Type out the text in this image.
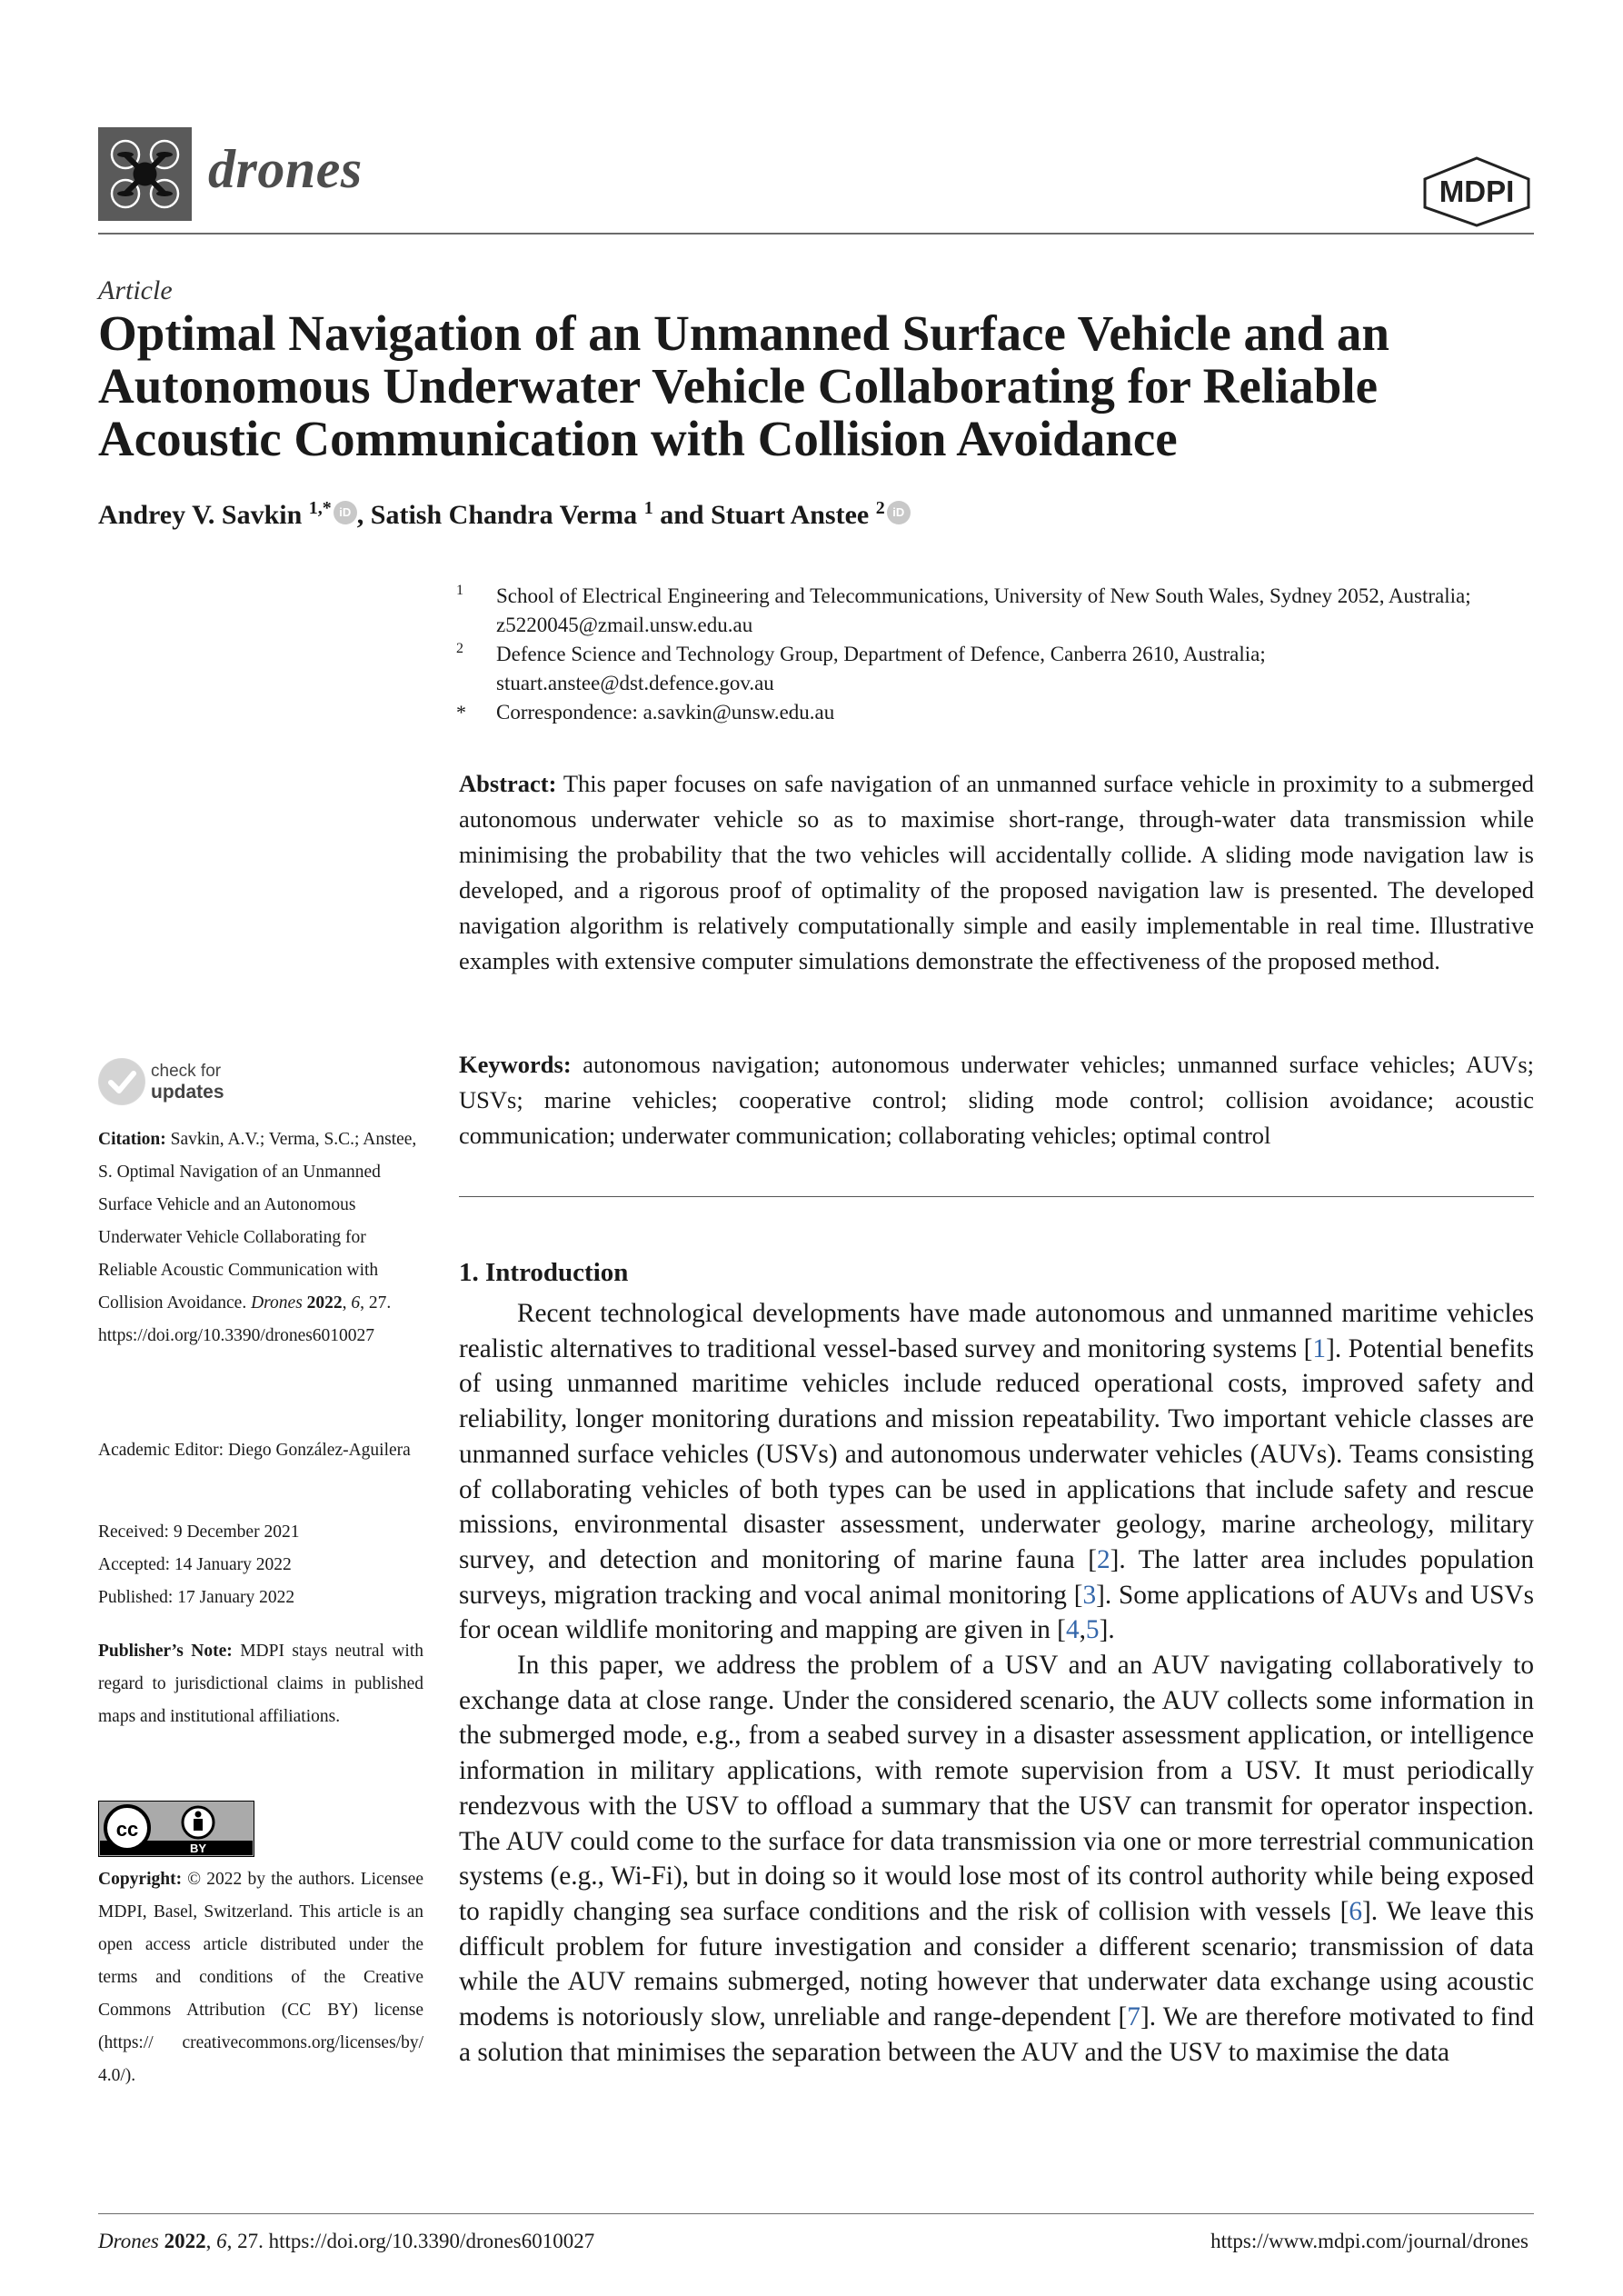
drones	MDPI
Article
Optimal Navigation of an Unmanned Surface Vehicle and an Autonomous Underwater Vehicle Collaborating for Reliable Acoustic Communication with Collision Avoidance
Andrey V. Savkin $^{1,*}$ iD , Satish Chandra Verma $^1$ and Stuart Anstee $^2$ iD
1 School of Electrical Engineering and Telecommunications, University of New South Wales, Sydney 2052, Australia; z5220045@zmail.unsw.edu.au
2 Defence Science and Technology Group, Department of Defence, Canberra 2610, Australia; stuart.anstee@dst.defence.gov.au
* Correspondence: a.savkin@unsw.edu.au

Abstract: This paper focuses on safe navigation of an unmanned surface vehicle in proximity to a submerged autonomous underwater vehicle so as to maximise short-range, through-water data transmission while minimising the probability that the two vehicles will accidentally collide. A sliding mode navigation law is developed, and a rigorous proof of optimality of the proposed navigation law is presented. The developed navigation algorithm is relatively computationally simple and easily implementable in real time. Illustrative examples with extensive computer simulations demonstrate the effectiveness of the proposed method.

Keywords: autonomous navigation; autonomous underwater vehicles; unmanned surface vehicles; AUVs; USVs; marine vehicles; cooperative control; sliding mode control; collision avoidance; acoustic communication; underwater communication; collaborating vehicles; optimal control

1. Introduction

Recent technological developments have made autonomous and unmanned maritime vehicles realistic alternatives to traditional vessel-based survey and monitoring systems [1]. Potential benefits of using unmanned maritime vehicles include reduced operational costs, improved safety and reliability, longer monitoring durations and mission repeatability. Two important vehicle classes are unmanned surface vehicles (USVs) and autonomous underwater vehicles (AUVs). Teams consisting of collaborating vehicles of both types can be used in applications that include safety and rescue missions, environmental disaster assessment, underwater geology, marine archeology, military survey, and detection and monitoring of marine fauna [2]. The latter area includes population surveys, migration tracking and vocal animal monitoring [3]. Some applications of AUVs and USVs for ocean wildlife monitoring and mapping are given in [4,5].

In this paper, we address the problem of a USV and an AUV navigating collaboratively to exchange data at close range. Under the considered scenario, the AUV collects some information in the submerged mode, e.g., from a seabed survey in a disaster assessment application, or intelligence information in military applications, with remote supervision from a USV. It must periodically rendezvous with the USV to offload a summary that the USV can transmit for operator inspection. The AUV could come to the surface for data transmission via one or more terrestrial communication systems (e.g., Wi-Fi), but in doing so it would lose most of its control authority while being exposed to rapidly changing sea surface conditions and the risk of collision with vessels [6]. We leave this difficult problem for future investigation and consider a different scenario; transmission of data while the AUV remains submerged, noting however that underwater data exchange using acoustic modems is notoriously slow, unreliable and range-dependent [7]. We are therefore motivated to find a solution that minimises the separation between the AUV and the USV to maximise the data

check for
updates

Citation: Savkin, A.V.; Verma, S.C.; Anstee, S. Optimal Navigation of an Unmanned Surface Vehicle and an Autonomous Underwater Vehicle Collaborating for Reliable Acoustic Communication with Collision Avoidance. Drones 2022, 6, 27. https://doi.org/10.3390/drones6010027

Academic Editor: Diego González-Aguilera

Received: 9 December 2021

Accepted: 14 January 2022

Published: 17 January 2022

Publisher’s Note: MDPI stays neutral with regard to jurisdictional claims in published maps and institutional affiliations.

cc
BY

Copyright: © 2022 by the authors. Licensee MDPI, Basel, Switzerland. This article is an open access article distributed under the terms and conditions of the Creative Commons Attribution (CC BY) license (https:// creativecommons.org/licenses/by/ 4.0/).

Drones 2022, 6, 27. https://doi.org/10.3390/drones6010027	https://www.mdpi.com/journal/drones
